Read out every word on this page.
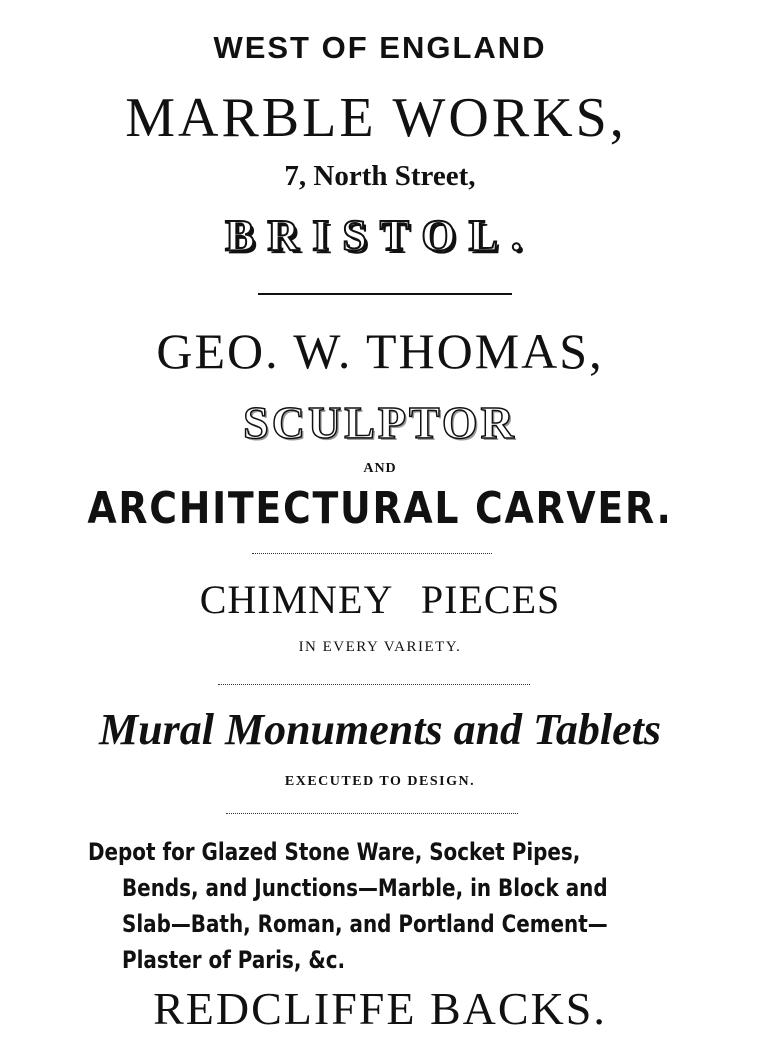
WEST OF ENGLAND

MARBLE WORKS,

7, North Street,

BRISTOL.

GEO. W. THOMAS,

SCULPTOR

AND

ARCHITECTURAL CARVER.

CHIMNEY PIECES

IN EVERY VARIETY.

Mural Monuments and Tablets

EXECUTED TO DESIGN.

Depot for Glazed Stone Ware, Socket Pipes,

Bends, and Junctions—Marble, in Block and

Slab—Bath, Roman, and Portland Cement—

Plaster of Paris, &c.

REDCLIFFE BACKS.
